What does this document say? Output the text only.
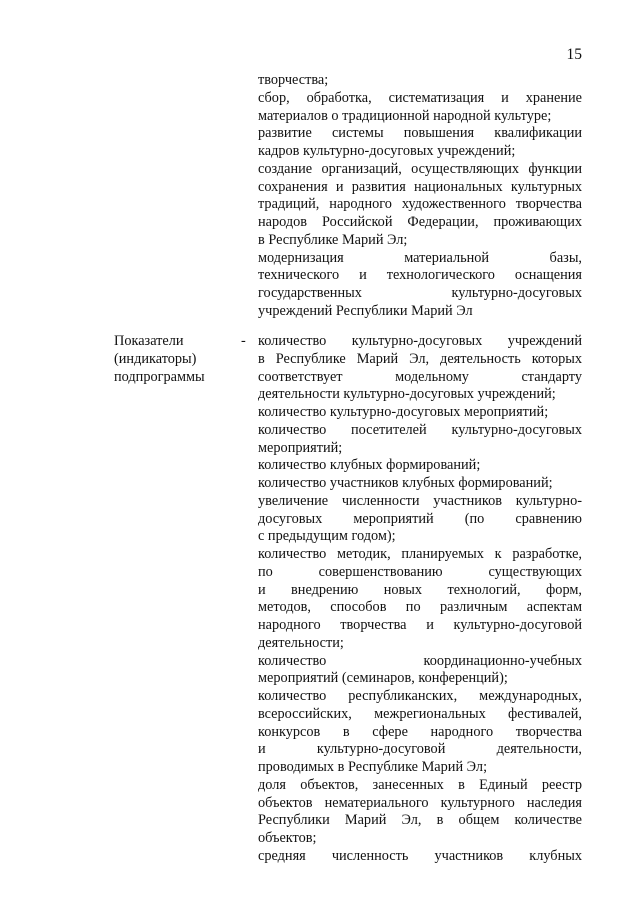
15
творчества;
сбор, обработка, систематизация и хранение
материалов о традиционной народной культуре;
развитие системы повышения квалификации
кадров культурно-досуговых учреждений;
создание организаций, осуществляющих функции
сохранения и развития национальных культурных
традиций, народного художественного творчества
народов Российской Федерации, проживающих
в Республике Марий Эл;
модернизация материальной базы,
технического и технологического оснащения
государственных культурно-досуговых
учреждений Республики Марий Эл
Показатели
(индикаторы)
подпрограммы
- количество культурно-досуговых учреждений
в Республике Марий Эл, деятельность которых
соответствует модельному стандарту
деятельности культурно-досуговых учреждений;
количество культурно-досуговых мероприятий;
количество посетителей культурно-досуговых
мероприятий;
количество клубных формирований;
количество участников клубных формирований;
увеличение численности участников культурно-
досуговых мероприятий (по сравнению
с предыдущим годом);
количество методик, планируемых к разработке,
по совершенствованию существующих
и внедрению новых технологий, форм,
методов, способов по различным аспектам
народного творчества и культурно-досуговой
деятельности;
количество координационно-учебных
мероприятий (семинаров, конференций);
количество республиканских, международных,
всероссийских, межрегиональных фестивалей,
конкурсов в сфере народного творчества
и культурно-досуговой деятельности,
проводимых в Республике Марий Эл;
доля объектов, занесенных в Единый реестр
объектов нематериального культурного наследия
Республики Марий Эл, в общем количестве
объектов;
средняя численность участников клубных
